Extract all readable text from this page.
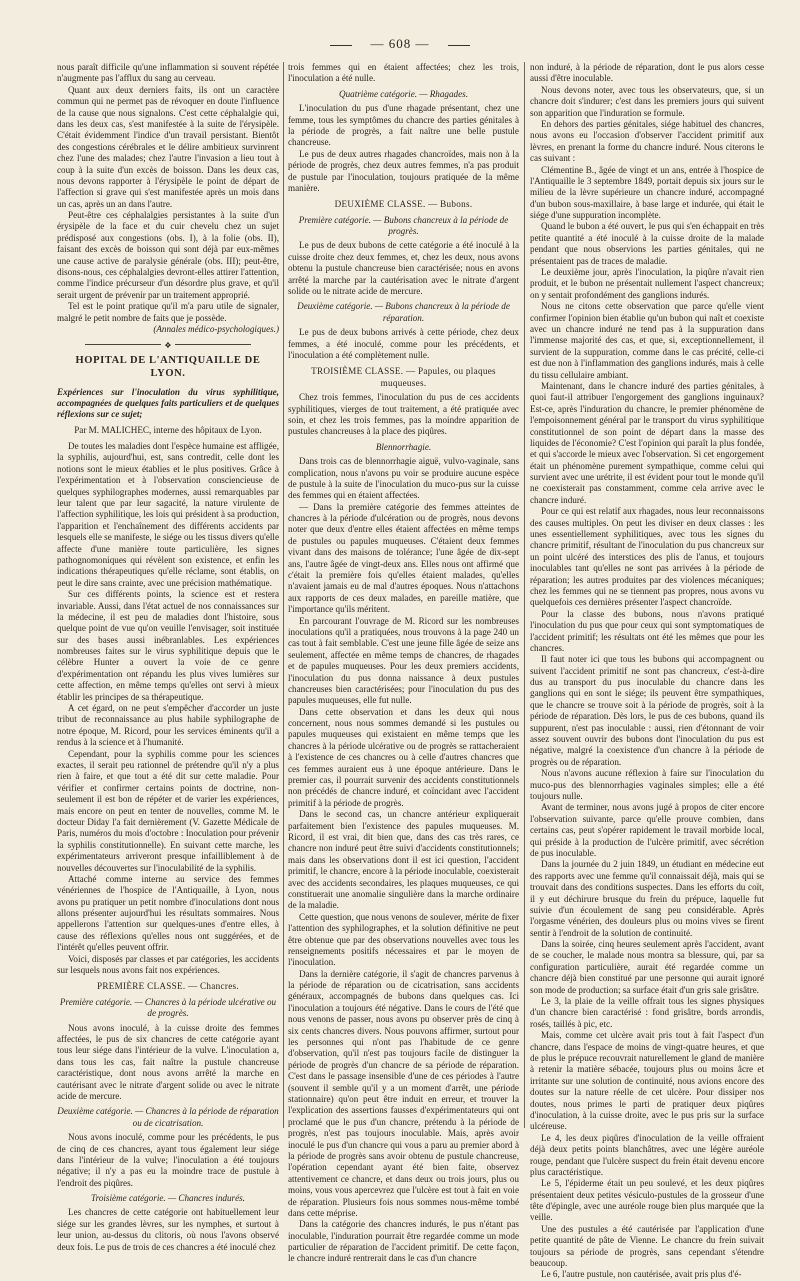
— 608 —

nous paraît difficile qu'une inflammation si souvent répétée n'augmente pas l'afflux du sang au cerveau.

Quant aux deux derniers faits, ils ont un caractère commun qui ne permet pas de révoquer en doute l'influence de la cause que nous signalons. C'est cette céphalalgie qui, dans les deux cas, s'est manifestée à la suite de l'érysipèle. C'était évidemment l'indice d'un travail persistant. Bientôt des congestions cérébrales et le délire ambitieux survinrent chez l'une des malades; chez l'autre l'invasion a lieu tout à coup à la suite d'un excès de boisson. Dans les deux cas, nous devons rapporter à l'érysipèle le point de départ de l'affection si grave qui s'est manifestée après un mois dans un cas, après un an dans l'autre.

Peut-être ces céphalalgies persistantes à la suite d'un érysipèle de la face et du cuir chevelu chez un sujet prédisposé aux congestions (obs. I), à la folie (obs. II), faisant des excès de boisson qui sont déjà par eux-mêmes une cause active de paralysie générale (obs. III); peut-être, disons-nous, ces céphalalgies devront-elles attirer l'attention, comme l'indice précurseur d'un désordre plus grave, et qu'il serait urgent de prévenir par un traitement approprié.

Tel est le point pratique qu'il m'a paru utile de signaler, malgré le petit nombre de faits que je possède.

(Annales médico-psychologiques.)

❖

HOPITAL DE L'ANTIQUAILLE DE LYON.

Expériences sur l'inoculation du virus syphilitique, accompagnées de quelques faits particuliers et de quelques réflexions sur ce sujet;

Par M. MALICHEC, interne des hôpitaux de Lyon.

De toutes les maladies dont l'espèce humaine est affligée, la syphilis, aujourd'hui, est, sans contredit, celle dont les notions sont le mieux établies et le plus positives. Grâce à l'expérimentation et à l'observation consciencieuse de quelques syphilographes modernes, aussi remarquables par leur talent que par leur sagacité, la nature virulente de l'affection syphilitique, les lois qui président à sa production, l'apparition et l'enchaînement des différents accidents par lesquels elle se manifeste, le siége ou les tissus divers qu'elle affecte d'une manière toute particulière, les signes pathognomoniques qui révèlent son existence, et enfin les indications thérapeutiques qu'elle réclame, sont établis, on peut le dire sans crainte, avec une précision mathématique.

Sur ces différents points, la science est et restera invariable. Aussi, dans l'état actuel de nos connaissances sur la médecine, il est peu de maladies dont l'histoire, sous quelque point de vue qu'on veuille l'envisager, soit instituée sur des bases aussi inébranlables. Les expériences nombreuses faites sur le virus syphilitique depuis que le célèbre Hunter a ouvert la voie de ce genre d'expérimentation ont répandu les plus vives lumières sur cette affection, en même temps qu'elles ont servi à mieux établir les principes de sa thérapeutique.

A cet égard, on ne peut s'empêcher d'accorder un juste tribut de reconnaissance au plus habile syphilographe de notre époque, M. Ricord, pour les services éminents qu'il a rendus à la science et à l'humanité.

Cependant, pour la syphilis comme pour les sciences exactes, il serait peu rationnel de prétendre qu'il n'y a plus rien à faire, et que tout a été dit sur cette maladie. Pour vérifier et confirmer certains points de doctrine, non-seulement il est bon de répéter et de varier les expériences, mais encore on peut en tenter de nouvelles, comme M. le docteur Diday l'a fait dernièrement (V. Gazette Médicale de Paris, numéros du mois d'octobre : Inoculation pour prévenir la syphilis constitutionnelle). En suivant cette marche, les expérimentateurs arriveront presque infailliblement à de nouvelles découvertes sur l'inoculabilité de la syphilis.

Attaché comme interne au service des femmes vénériennes de l'hospice de l'Antiquaille, à Lyon, nous avons pu pratiquer un petit nombre d'inoculations dont nous allons présenter aujourd'hui les résultats sommaires. Nous appellerons l'attention sur quelques-unes d'entre elles, à cause des réflexions qu'elles nous ont suggérées, et de l'intérêt qu'elles peuvent offrir.

Voici, disposés par classes et par catégories, les accidents sur lesquels nous avons fait nos expériences.

PREMIÈRE CLASSE. — Chancres.

Première catégorie. — Chancres à la période ulcérative ou de progrès.

Nous avons inoculé, à la cuisse droite des femmes affectées, le pus de six chancres de cette catégorie ayant tous leur siége dans l'intérieur de la vulve. L'inoculation a, dans tous les cas, fait naître la pustule chancreuse caractéristique, dont nous avons arrêté la marche en cautérisant avec le nitrate d'argent solide ou avec le nitrate acide de mercure.

Deuxième catégorie. — Chancres à la période de réparation ou de cicatrisation.

Nous avons inoculé, comme pour les précédents, le pus de cinq de ces chancres, ayant tous également leur siége dans l'intérieur de la vulve; l'inoculation a été toujours négative; il n'y a pas eu la moindre trace de pustule à l'endroit des piqûres.

Troisième catégorie. — Chancres indurés.

Les chancres de cette catégorie ont habituellement leur siége sur les grandes lèvres, sur les nymphes, et surtout à leur union, au-dessus du clitoris, où nous l'avons observé deux fois. Le pus de trois de ces chancres a été inoculé chez

trois femmes qui en étaient affectées; chez les trois, l'inoculation a été nulle.

Quatrième catégorie. — Rhagades.

L'inoculation du pus d'une rhagade présentant, chez une femme, tous les symptômes du chancre des parties génitales à la période de progrès, a fait naître une belle pustule chancreuse.

Le pus de deux autres rhagades chancroïdes, mais non à la période de progrès, chez deux autres femmes, n'a pas produit de pustule par l'inoculation, toujours pratiquée de la même manière.

DEUXIÈME CLASSE. — Bubons.

Première catégorie. — Bubons chancreux à la période de progrès.

Le pus de deux bubons de cette catégorie a été inoculé à la cuisse droite chez deux femmes, et, chez les deux, nous avons obtenu la pustule chancreuse bien caractérisée; nous en avons arrêté la marche par la cautérisation avec le nitrate d'argent solide ou le nitrate acide de mercure.

Deuxième catégorie. — Bubons chancreux à la période de réparation.

Le pus de deux bubons arrivés à cette période, chez deux femmes, a été inoculé, comme pour les précédents, et l'inoculation a été complètement nulle.

TROISIÈME CLASSE. — Papules, ou plaques muqueuses.

Chez trois femmes, l'inoculation du pus de ces accidents syphilitiques, vierges de tout traitement, a été pratiquée avec soin, et chez les trois femmes, pas la moindre apparition de pustules chancreuses à la place des piqûres.

Blennorrhagie.

Dans trois cas de blennorrhagie aiguë, vulvo-vaginale, sans complication, nous n'avons pu voir se produire aucune espèce de pustule à la suite de l'inoculation du muco-pus sur la cuisse des femmes qui en étaient affectées.

— Dans la première catégorie des femmes atteintes de chancres à la période d'ulcération ou de progrès, nous devons noter que deux d'entre elles étaient affectées en même temps de pustules ou papules muqueuses. C'étaient deux femmes vivant dans des maisons de tolérance; l'une âgée de dix-sept ans, l'autre âgée de vingt-deux ans. Elles nous ont affirmé que c'était la première fois qu'elles étaient malades, qu'elles n'avaient jamais eu de mal d'autres époques. Nous n'attachons aux rapports de ces deux malades, en pareille matière, que l'importance qu'ils méritent.

En parcourant l'ouvrage de M. Ricord sur les nombreuses inoculations qu'il a pratiquées, nous trouvons à la page 240 un cas tout à fait semblable. C'est une jeune fille âgée de seize ans seulement, affectée en même temps de chancres, de rhagades et de papules muqueuses. Pour les deux premiers accidents, l'inoculation du pus donna naissance à deux pustules chancreuses bien caractérisées; pour l'inoculation du pus des papules muqueuses, elle fut nulle.

Dans cette observation et dans les deux qui nous concernent, nous nous sommes demandé si les pustules ou papules muqueuses qui existaient en même temps que les chancres à la période ulcérative ou de progrès se rattacheraient à l'existence de ces chancres ou à celle d'autres chancres que ces femmes auraient eus à une époque antérieure. Dans le premier cas, il pourrait survenir des accidents constitutionnels non précédés de chancre induré, et coïncidant avec l'accident primitif à la période de progrès.

Dans le second cas, un chancre antérieur expliquerait parfaitement bien l'existence des papules muqueuses. M. Ricord, il est vrai, dit bien que, dans des cas très rares, ce chancre non induré peut être suivi d'accidents constitutionnels; mais dans les observations dont il est ici question, l'accident primitif, le chancre, encore à la période inoculable, coexisterait avec des accidents secondaires, les plaques muqueuses, ce qui constituerait une anomalie singulière dans la marche ordinaire de la maladie.

Cette question, que nous venons de soulever, mérite de fixer l'attention des syphilographes, et la solution définitive ne peut être obtenue que par des observations nouvelles avec tous les renseignements positifs nécessaires et par le moyen de l'inoculation.

Dans la dernière catégorie, il s'agit de chancres parvenus à la période de réparation ou de cicatrisation, sans accidents généraux, accompagnés de bubons dans quelques cas. Ici l'inoculation a toujours été négative. Dans le cours de l'été que nous venons de passer, nous avons pu observer près de cinq à six cents chancres divers. Nous pouvons affirmer, surtout pour les personnes qui n'ont pas l'habitude de ce genre d'observation, qu'il n'est pas toujours facile de distinguer la période de progrès d'un chancre de sa période de réparation. C'est dans le passage insensible d'une de ces périodes à l'autre (souvent il semble qu'il y a un moment d'arrêt, une période stationnaire) qu'on peut être induit en erreur, et trouver la l'explication des assertions fausses d'expérimentateurs qui ont proclamé que le pus d'un chancre, prétendu à la période de progrès, n'est pas toujours inoculable. Mais, après avoir inoculé le pus d'un chancre qui vous a paru au premier abord à la période de progrès sans avoir obtenu de pustule chancreuse, l'opération cependant ayant été bien faite, observez attentivement ce chancre, et dans deux ou trois jours, plus ou moins, vous vous apercevrez que l'ulcère est tout à fait en voie de réparation. Plusieurs fois nous sommes nous-même tombé dans cette méprise.

Dans la catégorie des chancres indurés, le pus n'étant pas inoculable, l'induration pourrait être regardée comme un mode particulier de réparation de l'accident primitif. De cette façon, le chancre induré rentrerait dans le cas d'un chancre

non induré, à la période de réparation, dont le pus alors cesse aussi d'être inoculable.

Nous devons noter, avec tous les observateurs, que, si un chancre doit s'indurer; c'est dans les premiers jours qui suivent son apparition que l'induration se formule.

En dehors des parties génitales, siége habituel des chancres, nous avons eu l'occasion d'observer l'accident primitif aux lèvres, en prenant la forme du chancre induré. Nous citerons le cas suivant :

Clémentine B., âgée de vingt et un ans, entrée à l'hospice de l'Antiquaille le 3 septembre 1849, portait depuis six jours sur le milieu de la lèvre supérieure un chancre induré, accompagné d'un bubon sous-maxillaire, à base large et indurée, qui était le siége d'une suppuration incomplète.

Quand le bubon a été ouvert, le pus qui s'en échappait en très petite quantité a été inoculé à la cuisse droite de la malade pendant que nous observions les parties génitales, qui ne présentaient pas de traces de maladie.

Le deuxième jour, après l'inoculation, la piqûre n'avait rien produit, et le bubon ne présentait nullement l'aspect chancreux; on y sentait profondément des ganglions indurés.

Nous ne citons cette observation que parce qu'elle vient confirmer l'opinion bien établie qu'un bubon qui naît et coexiste avec un chancre induré ne tend pas à la suppuration dans l'immense majorité des cas, et que, si, exceptionnellement, il survient de la suppuration, comme dans le cas précité, celle-ci est due non à l'inflammation des ganglions indurés, mais à celle du tissu cellulaire ambiant.

Maintenant, dans le chancre induré des parties génitales, à quoi faut-il attribuer l'engorgement des ganglions inguinaux? Est-ce, après l'induration du chancre, le premier phénomène de l'empoisonnement général par le transport du virus syphilitique constitutionnel de son point de départ dans la masse des liquides de l'économie? C'est l'opinion qui paraît la plus fondée, et qui s'accorde le mieux avec l'observation. Si cet engorgement était un phénomène purement sympathique, comme celui qui survient avec une urétrite, il est évident pour tout le monde qu'il ne coexisterait pas constamment, comme cela arrive avec le chancre induré.

Pour ce qui est relatif aux rhagades, nous leur reconnaissons des causes multiples. On peut les diviser en deux classes : les unes essentiellement syphilitiques, avec tous les signes du chancre primitif, résultant de l'inoculation du pus chancreux sur un point ulcéré des interstices des plis de l'anus, et toujours inoculables tant qu'elles ne sont pas arrivées à la période de réparation; les autres produites par des violences mécaniques; chez les femmes qui ne se tiennent pas propres, nous avons vu quelquefois ces dernières présenter l'aspect chancroïde.

Pour la classe des bubons, nous n'avons pratiqué l'inoculation du pus que pour ceux qui sont symptomatiques de l'accident primitif; les résultats ont été les mêmes que pour les chancres.

Il faut noter ici que tous les bubons qui accompagnent ou suivent l'accident primitif ne sont pas chancreux, c'est-à-dire dus au transport du pus inoculable du chancre dans les ganglions qui en sont le siége; ils peuvent être sympathiques, que le chancre se trouve soit à la période de progrès, soit à la période de réparation. Dès lors, le pus de ces bubons, quand ils suppurent, n'est pas inoculable : aussi, rien d'étonnant de voir assez souvent ouvrir des bubons dont l'inoculation du pus est négative, malgré la coexistence d'un chancre à la période de progrès ou de réparation.

Nous n'avons aucune réflexion à faire sur l'inoculation du muco-pus des blennorrhagies vaginales simples; elle a été toujours nulle.

Avant de terminer, nous avons jugé à propos de citer encore l'observation suivante, parce qu'elle prouve combien, dans certains cas, peut s'opérer rapidement le travail morbide local, qui préside à la production de l'ulcère primitif, avec sécrétion de pus inoculable.

Dans la journée du 2 juin 1849, un étudiant en médecine eut des rapports avec une femme qu'il connaissait déjà, mais qui se trouvait dans des conditions suspectes. Dans les efforts du coït, il y eut déchirure brusque du frein du prépuce, laquelle fut suivie d'un écoulement de sang peu considérable. Après l'orgasme vénérien, des douleurs plus ou moins vives se firent sentir à l'endroit de la solution de continuité.

Dans la soirée, cinq heures seulement après l'accident, avant de se coucher, le malade nous montra sa blessure, qui, par sa configuration particulière, aurait été regardée comme un chancre déjà bien constitué par une personne qui aurait ignoré son mode de production; sa surface était d'un gris sale grisâtre.

Le 3, la plaie de la veille offrait tous les signes physiques d'un chancre bien caractérisé : fond grisâtre, bords arrondis, rosés, taillés à pic, etc.

Mais, comme cet ulcère avait pris tout à fait l'aspect d'un chancre, dans l'espace de moins de vingt-quatre heures, et que de plus le prépuce recouvrait naturellement le gland de manière à retenir la matière sébacée, toujours plus ou moins âcre et irritante sur une solution de continuité, nous avions encore des doutes sur la nature réelle de cet ulcère. Pour dissiper nos doutes, nous primes le parti de pratiquer deux piqûres d'inoculation, à la cuisse droite, avec le pus pris sur la surface ulcéreuse.

Le 4, les deux piqûres d'inoculation de la veille offraient déjà deux petits points blanchâtres, avec une légère auréole rouge, pendant que l'ulcère suspect du frein était devenu encore plus caractéristique.

Le 5, l'épiderme était un peu soulevé, et les deux piqûres présentaient deux petites vésiculo-pustules de la grosseur d'une tête d'épingle, avec une auréole rouge bien plus marquée que la veille.

Une des pustules a été cautérisée par l'application d'une petite quantité de pâte de Vienne. Le chancre du frein suivait toujours sa période de progrès, sans cependant s'étendre beaucoup.

Le 6, l'autre pustule, non cautérisée, avait pris plus d'é-
